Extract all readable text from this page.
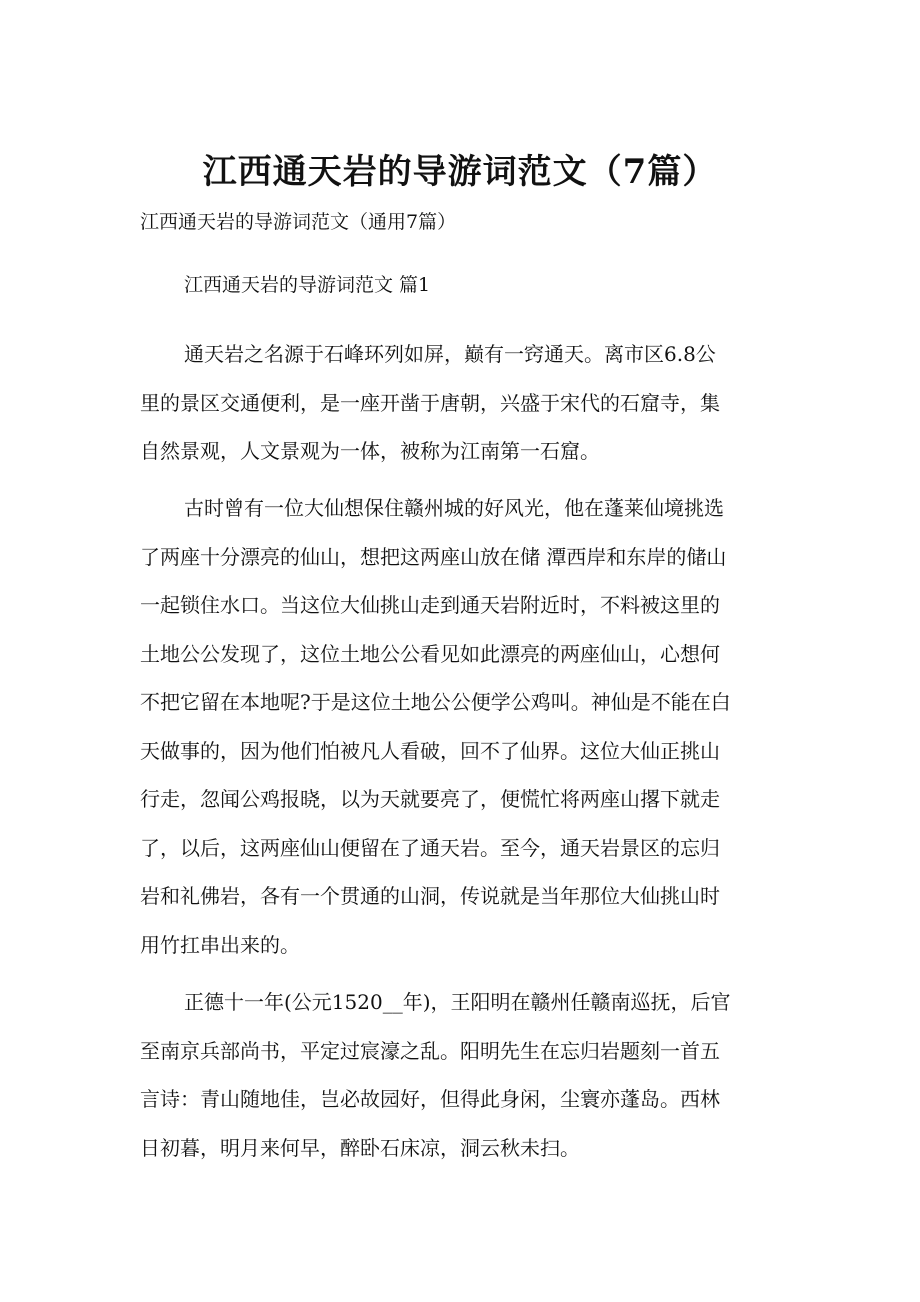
江西通天岩的导游词范文（7篇）

江西通天岩的导游词范文（通用7篇）

江西通天岩的导游词范文 篇1

通天岩之名源于石峰环列如屏，巅有一窍通天。离市区6.8公
里的景区交通便利，是一座开凿于唐朝，兴盛于宋代的石窟寺，集
自然景观，人文景观为一体，被称为江南第一石窟。
古时曾有一位大仙想保住赣州城的好风光，他在蓬莱仙境挑选
了两座十分漂亮的仙山，想把这两座山放在储 潭西岸和东岸的储山
一起锁住水口。当这位大仙挑山走到通天岩附近时，不料被这里的
土地公公发现了，这位土地公公看见如此漂亮的两座仙山，心想何
不把它留在本地呢?于是这位土地公公便学公鸡叫。神仙是不能在白
天做事的，因为他们怕被凡人看破，回不了仙界。这位大仙正挑山
行走，忽闻公鸡报晓，以为天就要亮了，便慌忙将两座山撂下就走
了，以后，这两座仙山便留在了通天岩。至今，通天岩景区的忘归
岩和礼佛岩，各有一个贯通的山洞，传说就是当年那位大仙挑山时
用竹扛串出来的。
正德十一年(公元1520__年)，王阳明在赣州任赣南巡抚，后官
至南京兵部尚书，平定过宸濠之乱。阳明先生在忘归岩题刻一首五
言诗：青山随地佳，岂必故园好，但得此身闲，尘寰亦蓬岛。西林
日初暮，明月来何早，醉卧石床凉，洞云秋未扫。
